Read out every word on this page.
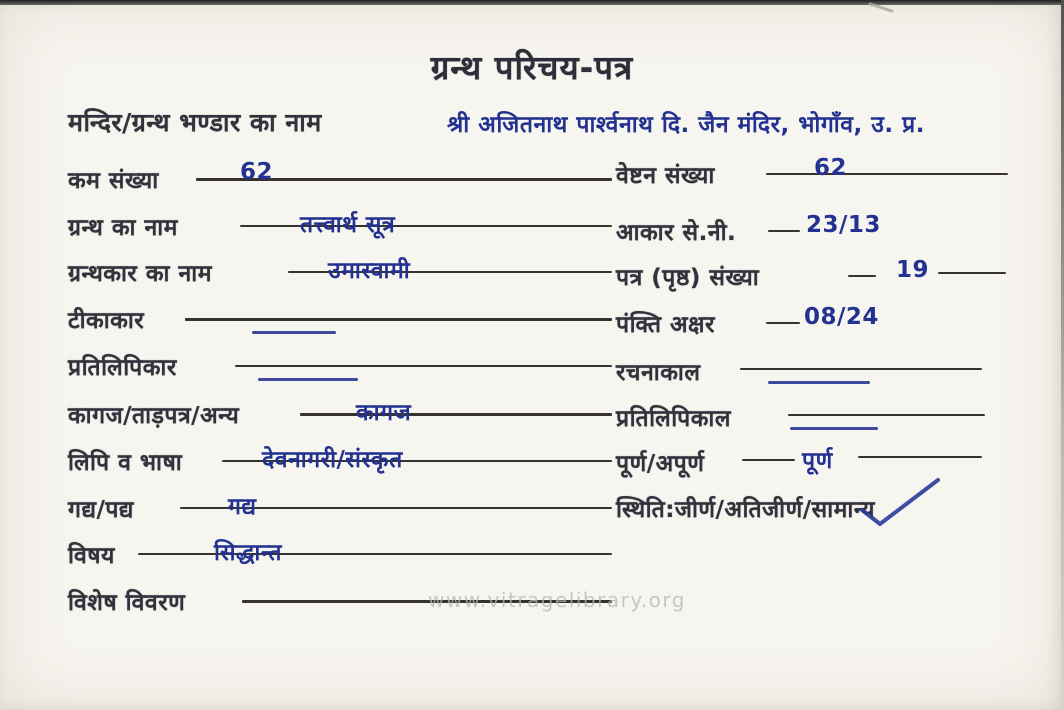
ग्रन्थ परिचय-पत्र
मन्दिर/ग्रन्थ भण्डार का नाम	श्री अजितनाथ पार्श्वनाथ दि. जैन मंदिर, भोगाँव, उ. प्र.
कम संख्या	62
ग्रन्थ का नाम	तत्त्वार्थ सूत्र
ग्रन्थकार का नाम	उमास्वामी
टीकाकार
प्रतिलिपिकार
कागज/ताड़पत्र/अन्य	कागज
लिपि व भाषा	देवनागरी/संस्कृत
गद्य/पद्य	गद्य
विषय	सिद्धान्त
विशेष विवरण
वेष्टन संख्या	62
आकार से.नी.	23/13
पत्र (पृष्ठ) संख्या	19
पंक्ति अक्षर	08/24
रचनाकाल
प्रतिलिपिकाल
पूर्ण/अपूर्ण	पूर्ण
स्थिति:जीर्ण/अतिजीर्ण/सामान्य
www.vitragelibrary.org
